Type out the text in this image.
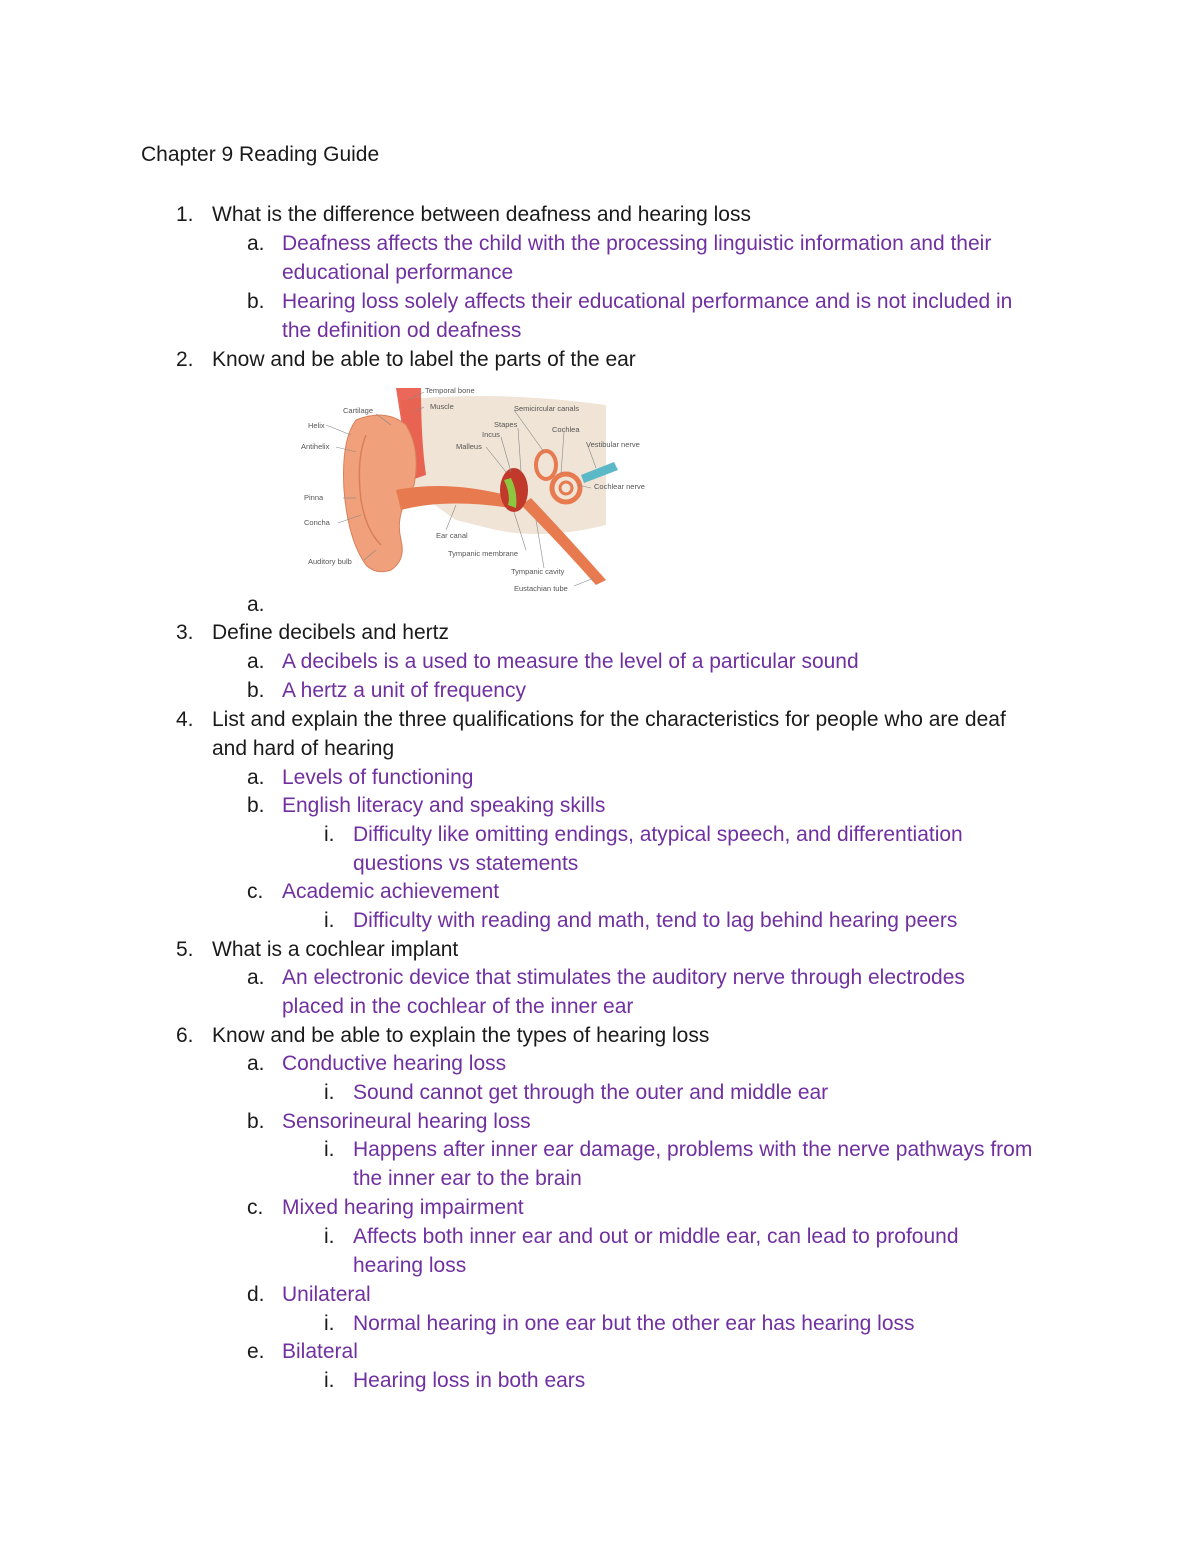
Chapter 9 Reading Guide
1. What is the difference between deafness and hearing loss
a. Deafness affects the child with the processing linguistic information and their
educational performance
b. Hearing loss solely affects their educational performance and is not included in
the definition od deafness
2. Know and be able to label the parts of the ear
Temporal bone
Muscle
Cartilage
Helix
Antihelix
Semicircular canals
Stapes
Incus
Malleus
Cochlea
Vestibular nerve
Cochlear nerve
Pinna
Concha
Ear canal
Tympanic membrane
Tympanic cavity
Auditory bulb
Eustachian tube
a.
3. Define decibels and hertz
a. A decibels is a used to measure the level of a particular sound
b. A hertz a unit of frequency
4. List and explain the three qualifications for the characteristics for people who are deaf
and hard of hearing
a. Levels of functioning
b. English literacy and speaking skills
i. Difficulty like omitting endings, atypical speech, and differentiation
questions vs statements
c. Academic achievement
i. Difficulty with reading and math, tend to lag behind hearing peers
5. What is a cochlear implant
a. An electronic device that stimulates the auditory nerve through electrodes
placed in the cochlear of the inner ear
6. Know and be able to explain the types of hearing loss
a. Conductive hearing loss
i. Sound cannot get through the outer and middle ear
b. Sensorineural hearing loss
i. Happens after inner ear damage, problems with the nerve pathways from
the inner ear to the brain
c. Mixed hearing impairment
i. Affects both inner ear and out or middle ear, can lead to profound
hearing loss
d. Unilateral
i. Normal hearing in one ear but the other ear has hearing loss
e. Bilateral
i. Hearing loss in both ears
